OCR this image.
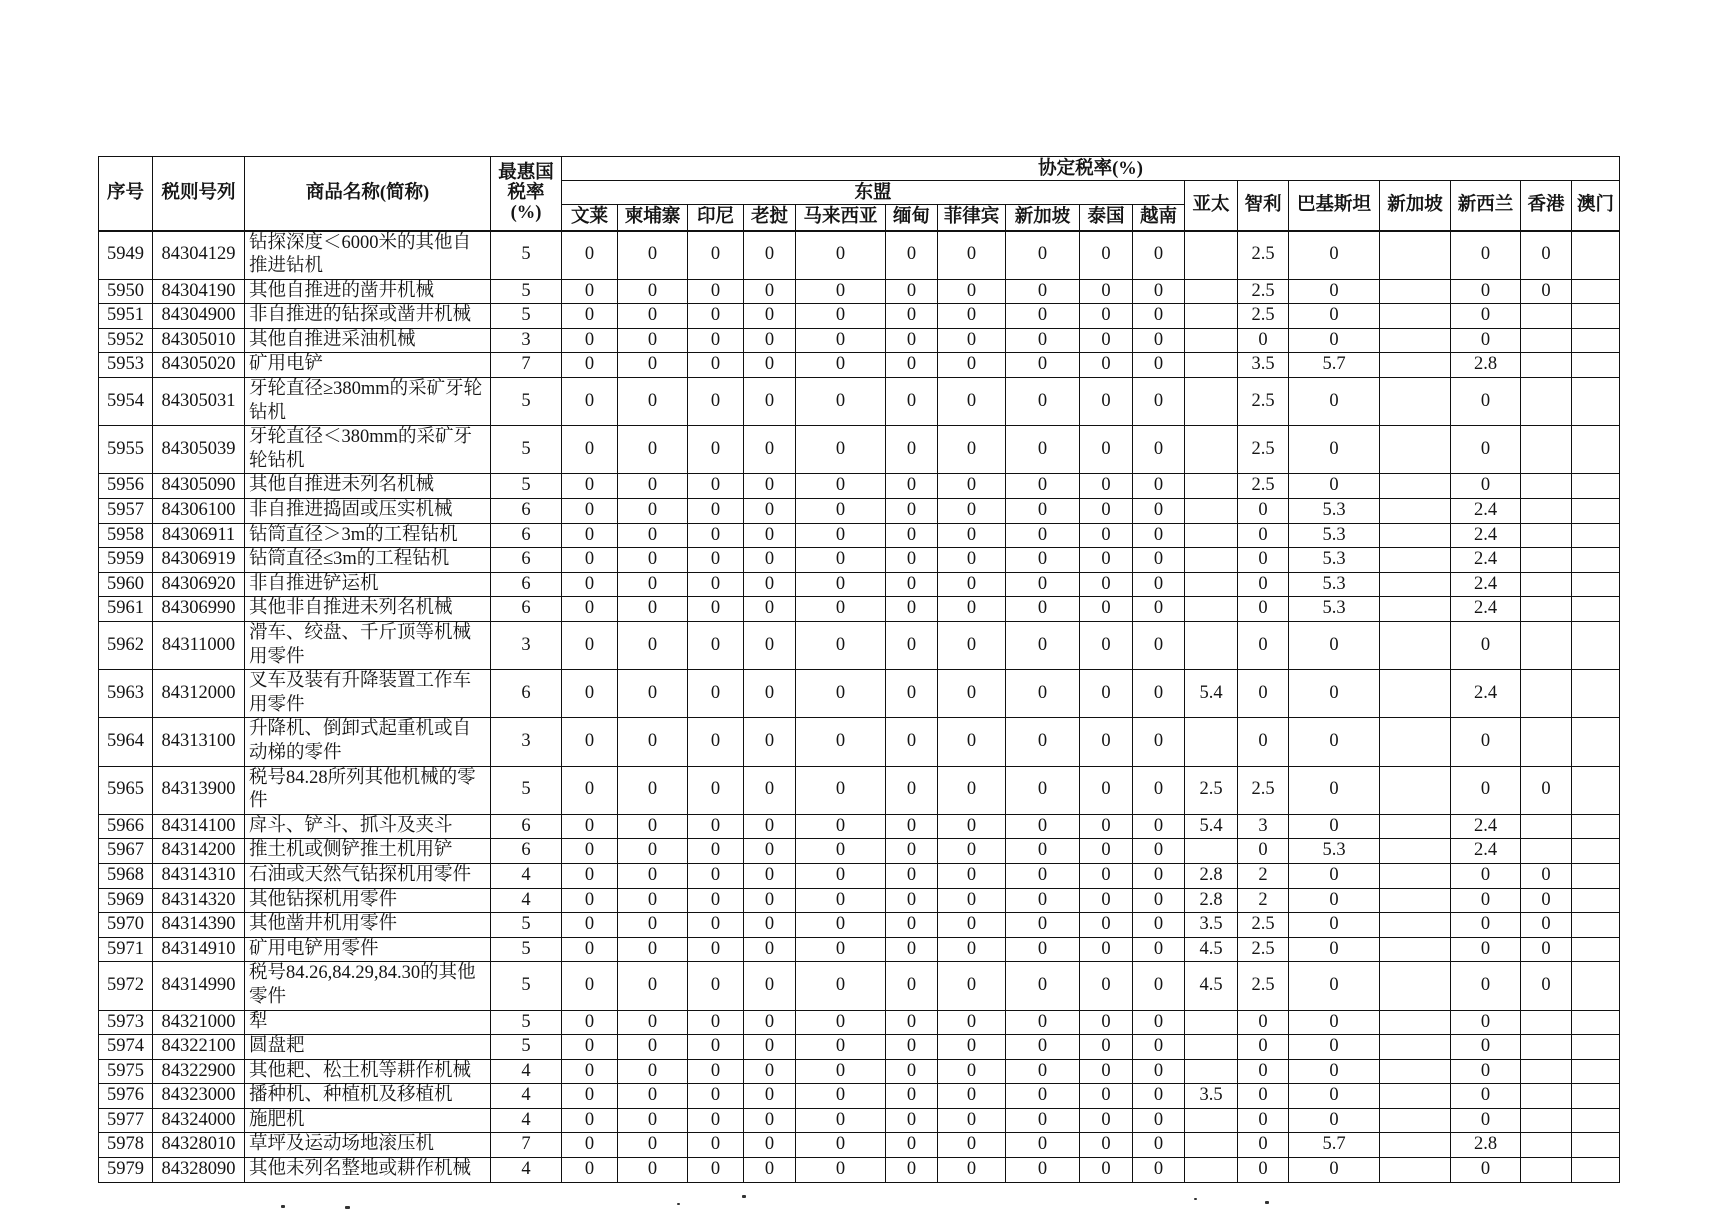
序号	税则号列	商品名称(简称)	最惠国税率(%)	协定税率(%)																
				东盟										亚太	智利	巴基斯坦	新加坡	新西兰	香港	澳门
				文莱	柬埔寨	印尼	老挝	马来西亚	缅甸	菲律宾	新加坡	泰国	越南							
5949	84304129	钻探深度＜6000米的其他自推进钻机	5	0	0	0	0	0	0	0	0	0	0		2.5	0		0	0	
5950	84304190	其他自推进的凿井机械	5	0	0	0	0	0	0	0	0	0	0		2.5	0		0	0	
5951	84304900	非自推进的钻探或凿井机械	5	0	0	0	0	0	0	0	0	0	0		2.5	0		0		
5952	84305010	其他自推进采油机械	3	0	0	0	0	0	0	0	0	0	0		0	0		0		
5953	84305020	矿用电铲	7	0	0	0	0	0	0	0	0	0	0		3.5	5.7		2.8		
5954	84305031	牙轮直径≥380mm的采矿牙轮钻机	5	0	0	0	0	0	0	0	0	0	0		2.5	0		0		
5955	84305039	牙轮直径＜380mm的采矿牙轮钻机	5	0	0	0	0	0	0	0	0	0	0		2.5	0		0		
5956	84305090	其他自推进未列名机械	5	0	0	0	0	0	0	0	0	0	0		2.5	0		0		
5957	84306100	非自推进捣固或压实机械	6	0	0	0	0	0	0	0	0	0	0		0	5.3		2.4		
5958	84306911	钻筒直径＞3m的工程钻机	6	0	0	0	0	0	0	0	0	0	0		0	5.3		2.4		
5959	84306919	钻筒直径≤3m的工程钻机	6	0	0	0	0	0	0	0	0	0	0		0	5.3		2.4		
5960	84306920	非自推进铲运机	6	0	0	0	0	0	0	0	0	0	0		0	5.3		2.4		
5961	84306990	其他非自推进未列名机械	6	0	0	0	0	0	0	0	0	0	0		0	5.3		2.4		
5962	84311000	滑车、绞盘、千斤顶等机械用零件	3	0	0	0	0	0	0	0	0	0	0		0	0		0		
5963	84312000	叉车及装有升降装置工作车用零件	6	0	0	0	0	0	0	0	0	0	0	5.4	0	0		2.4		
5964	84313100	升降机、倒卸式起重机或自动梯的零件	3	0	0	0	0	0	0	0	0	0	0		0	0		0		
5965	84313900	税号84.28所列其他机械的零件	5	0	0	0	0	0	0	0	0	0	0	2.5	2.5	0		0	0	
5966	84314100	戽斗、铲斗、抓斗及夹斗	6	0	0	0	0	0	0	0	0	0	0	5.4	3	0		2.4		
5967	84314200	推土机或侧铲推土机用铲	6	0	0	0	0	0	0	0	0	0	0		0	5.3		2.4		
5968	84314310	石油或天然气钻探机用零件	4	0	0	0	0	0	0	0	0	0	0	2.8	2	0		0	0	
5969	84314320	其他钻探机用零件	4	0	0	0	0	0	0	0	0	0	0	2.8	2	0		0	0	
5970	84314390	其他凿井机用零件	5	0	0	0	0	0	0	0	0	0	0	3.5	2.5	0		0	0	
5971	84314910	矿用电铲用零件	5	0	0	0	0	0	0	0	0	0	0	4.5	2.5	0		0	0	
5972	84314990	税号84.26,84.29,84.30的其他零件	5	0	0	0	0	0	0	0	0	0	0	4.5	2.5	0		0	0	
5973	84321000	犁	5	0	0	0	0	0	0	0	0	0	0		0	0		0		
5974	84322100	圆盘耙	5	0	0	0	0	0	0	0	0	0	0		0	0		0		
5975	84322900	其他耙、松土机等耕作机械	4	0	0	0	0	0	0	0	0	0	0		0	0		0		
5976	84323000	播种机、种植机及移植机	4	0	0	0	0	0	0	0	0	0	0	3.5	0	0		0		
5977	84324000	施肥机	4	0	0	0	0	0	0	0	0	0	0		0	0		0		
5978	84328010	草坪及运动场地滚压机	7	0	0	0	0	0	0	0	0	0	0		0	5.7		2.8		
5979	84328090	其他未列名整地或耕作机械	4	0	0	0	0	0	0	0	0	0	0		0	0		0		
